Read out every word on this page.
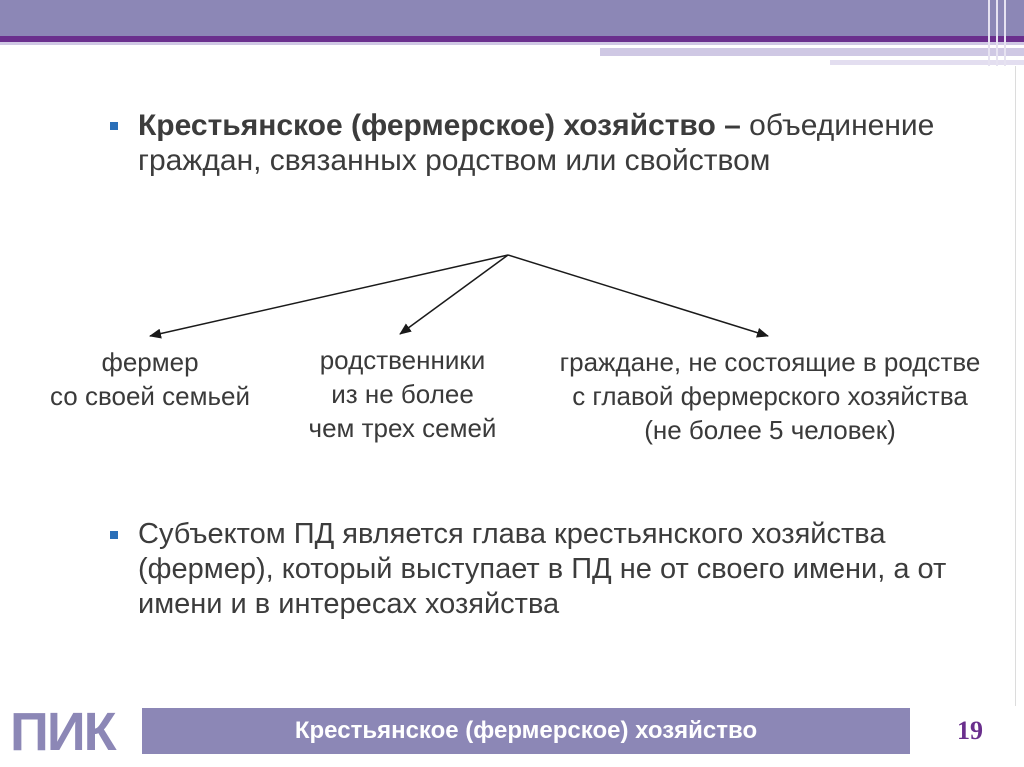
Крестьянское (фермерское) хозяйство – объединение граждан, связанных родством или свойством
фермер
со своей семьей
родственники
из не более
чем трех семей
граждане, не состоящие в родстве
с главой фермерского хозяйства
(не более 5 человек)
Субъектом ПД является глава крестьянского хозяйства (фермер), который выступает в ПД не от своего имени, а от имени и в интересах хозяйства
ПИК	Крестьянское (фермерское) хозяйство	19
